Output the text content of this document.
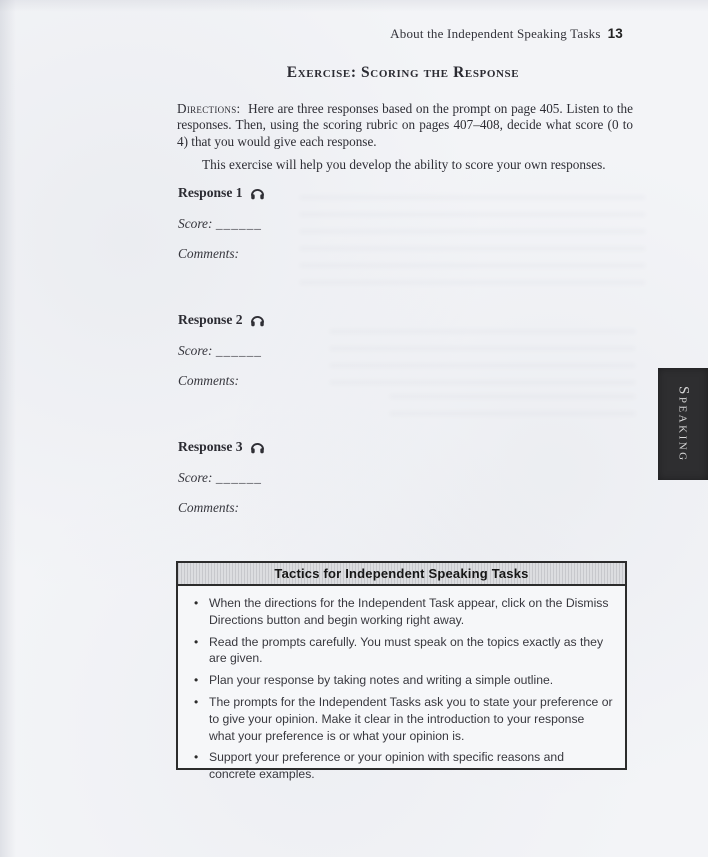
About the Independent Speaking Tasks 13
Exercise: Scoring the Response

Directions: Here are three responses based on the prompt on page 405. Listen to the responses. Then, using the scoring rubric on pages 407–408, decide what score (0 to 4) that you would give each response.

This exercise will help you develop the ability to score your own responses.

Response 1
Score: ______
Comments:
Response 2
Score: ______
Comments:
Response 3
Score: ______
Comments:
Speaking
Tactics for Independent Speaking Tasks
• When the directions for the Independent Task appear, click on the Dismiss Directions button and begin working right away.
• Read the prompts carefully. You must speak on the topics exactly as they are given.
• Plan your response by taking notes and writing a simple outline.
• The prompts for the Independent Tasks ask you to state your preference or to give your opinion. Make it clear in the introduction to your response what your preference is or what your opinion is.
• Support your preference or your opinion with specific reasons and concrete examples.
